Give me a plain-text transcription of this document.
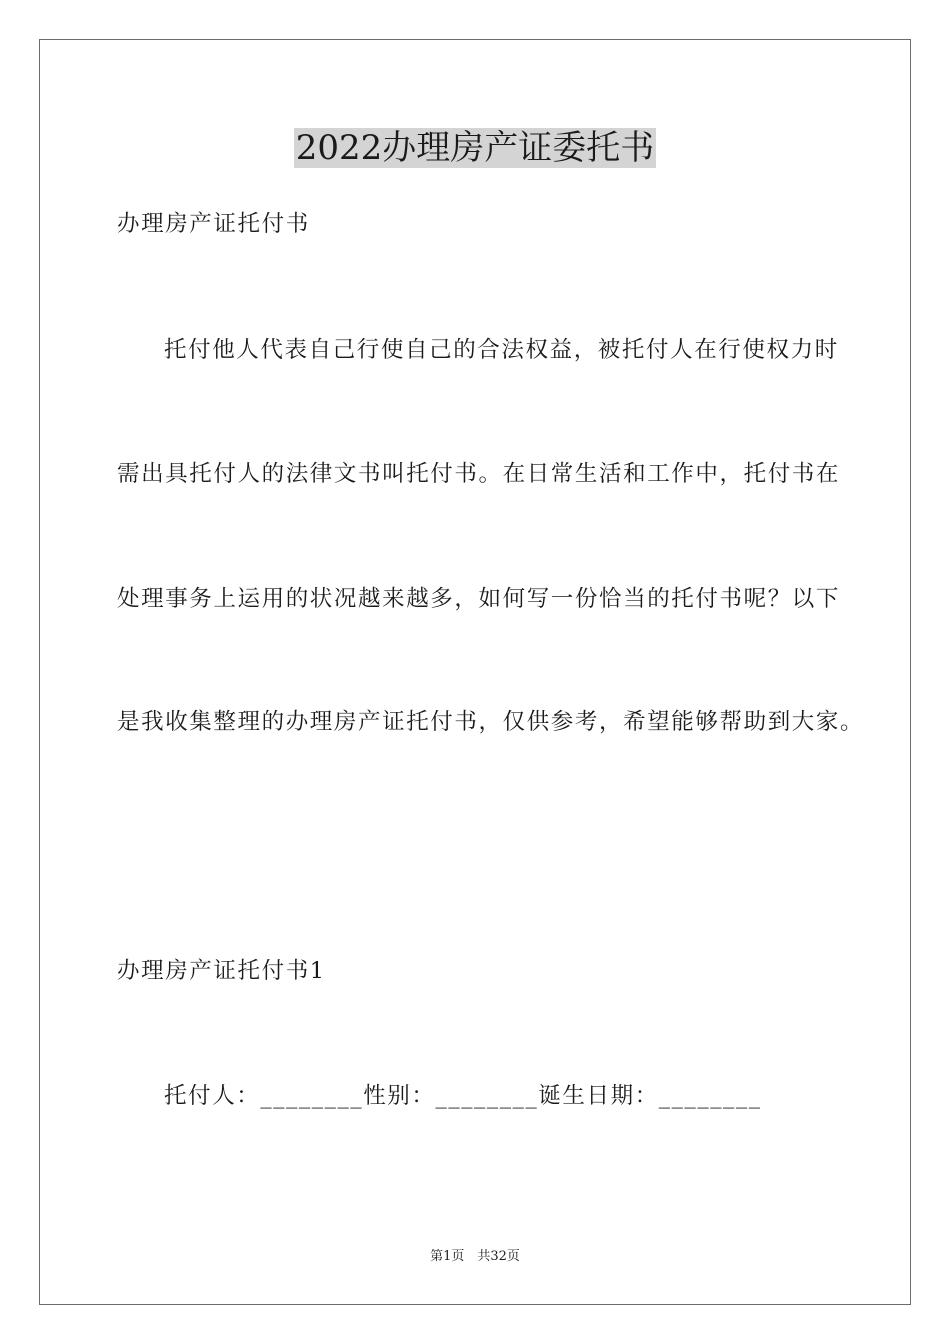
2022办理房产证委托书
办理房产证托付书
托付他人代表自己行使自己的合法权益，被托付人在行使权力时
需出具托付人的法律文书叫托付书。在日常生活和工作中，托付书在
处理事务上运用的状况越来越多，如何写一份恰当的托付书呢？以下
是我收集整理的办理房产证托付书，仅供参考，希望能够帮助到大家。
办理房产证托付书1
托付人：________性别：________诞生日期：________
第1页　共32页
